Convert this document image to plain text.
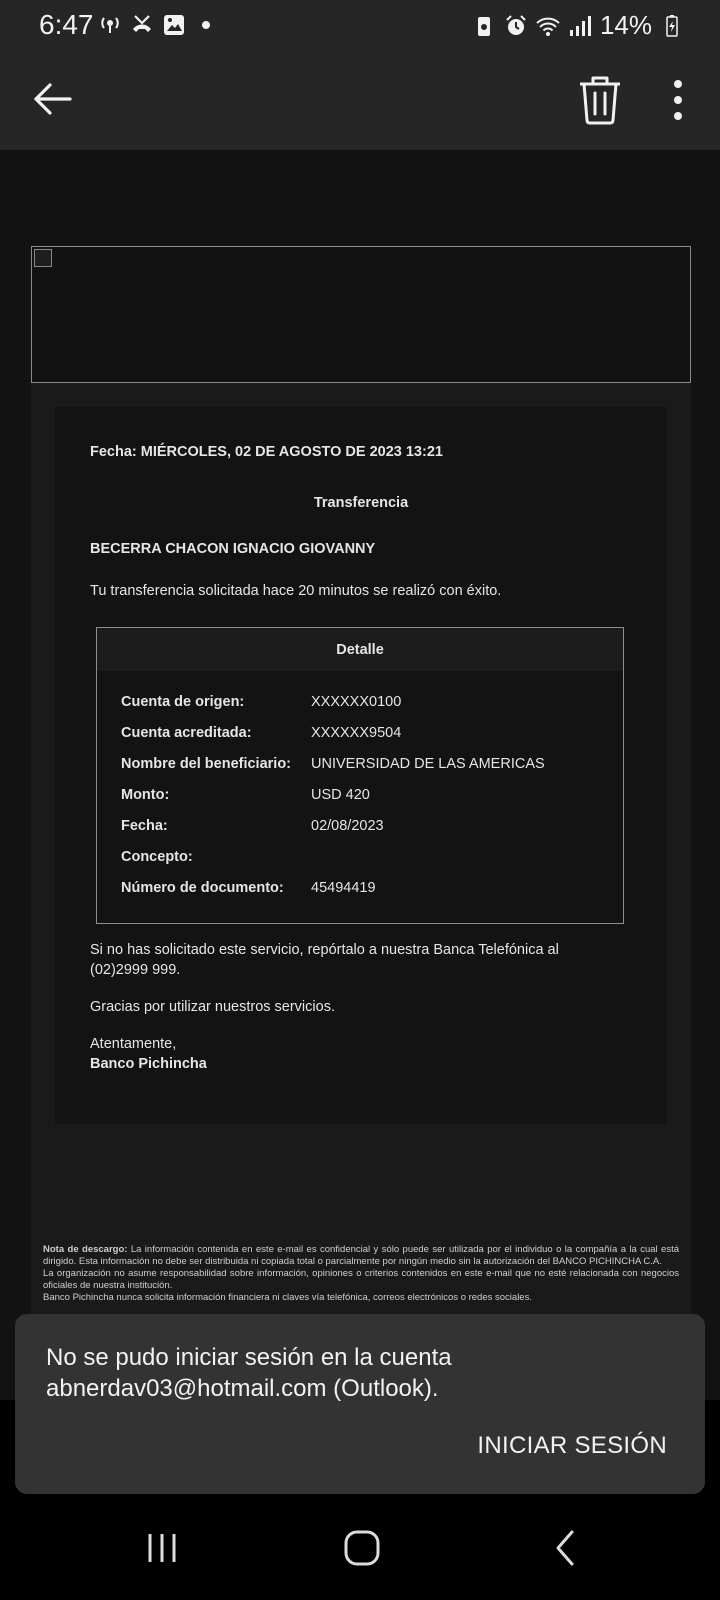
6:47	14%
Fecha: MIÉRCOLES, 02 DE AGOSTO DE 2023 13:21
Transferencia
BECERRA CHACON IGNACIO GIOVANNY
Tu transferencia solicitada hace 20 minutos se realizó con éxito.
Detalle
Cuenta de origen:	XXXXXX0100
Cuenta acreditada:	XXXXXX9504
Nombre del beneficiario: UNIVERSIDAD DE LAS AMERICAS
Monto:	USD 420
Fecha:	02/08/2023
Concepto:
Número de documento: 45494419
Si no has solicitado este servicio, repórtalo a nuestra Banca Telefónica al
(02)2999 999.
Gracias por utilizar nuestros servicios.
Atentamente,
Banco Pichincha

Nota de descargo: La información contenida en este e-mail es confidencial y sólo puede ser utilizada por el individuo o la compañía a la cual está dirigido. Esta información no debe ser distribuida ni copiada total o parcialmente por ningún medio sin la autorización del BANCO PICHINCHA C.A.

La organización no asume responsabilidad sobre información, opiniones o criterios contenidos en este e-mail que no esté relacionada con negocios oficiales de nuestra institución.

Banco Pichincha nunca solicita información financiera ni claves vía telefónica, correos electrónicos o redes sociales.

No se pudo iniciar sesión en la cuenta abnerdav03@hotmail.com (Outlook).
INICIAR SESIÓN
